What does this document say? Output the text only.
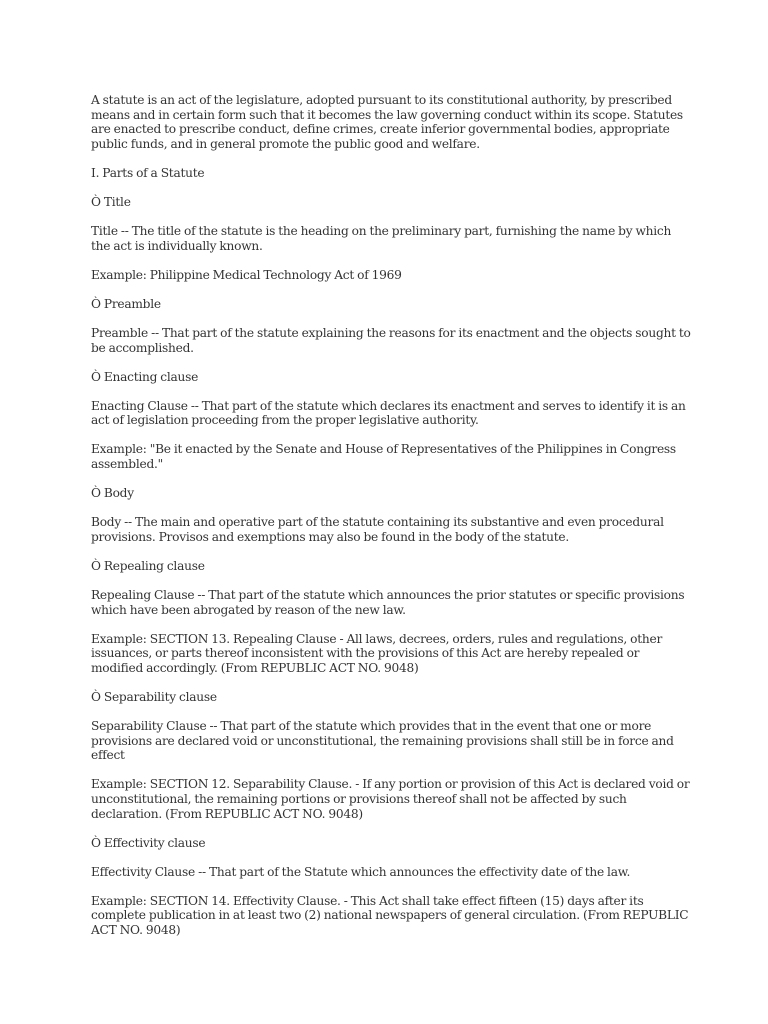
A statute is an act of the legislature, adopted pursuant to its constitutional authority, by prescribed means and in certain form such that it becomes the law governing conduct within its scope. Statutes are enacted to prescribe conduct, define crimes, create inferior governmental bodies, appropriate public funds, and in general promote the public good and welfare.

I. Parts of a Statute

Ò Title

Title -- The title of the statute is the heading on the preliminary part, furnishing the name by which the act is individually known.

Example: Philippine Medical Technology Act of 1969

Ò Preamble

Preamble -- That part of the statute explaining the reasons for its enactment and the objects sought to be accomplished.

Ò Enacting clause

Enacting Clause -- That part of the statute which declares its enactment and serves to identify it is an act of legislation proceeding from the proper legislative authority.

Example: "Be it enacted by the Senate and House of Representatives of the Philippines in Congress assembled."

Ò Body

Body -- The main and operative part of the statute containing its substantive and even procedural provisions. Provisos and exemptions may also be found in the body of the statute.

Ò Repealing clause

Repealing Clause -- That part of the statute which announces the prior statutes or specific provisions which have been abrogated by reason of the new law.

Example: SECTION 13. Repealing Clause - All laws, decrees, orders, rules and regulations, other issuances, or parts thereof inconsistent with the provisions of this Act are hereby repealed or modified accordingly. (From REPUBLIC ACT NO. 9048)

Ò Separability clause

Separability Clause -- That part of the statute which provides that in the event that one or more provisions are declared void or unconstitutional, the remaining provisions shall still be in force and effect

Example: SECTION 12. Separability Clause. - If any portion or provision of this Act is declared void or unconstitutional, the remaining portions or provisions thereof shall not be affected by such declaration. (From REPUBLIC ACT NO. 9048)

Ò Effectivity clause

Effectivity Clause -- That part of the Statute which announces the effectivity date of the law.

Example: SECTION 14. Effectivity Clause. - This Act shall take effect fifteen (15) days after its complete publication in at least two (2) national newspapers of general circulation. (From REPUBLIC ACT NO. 9048)
